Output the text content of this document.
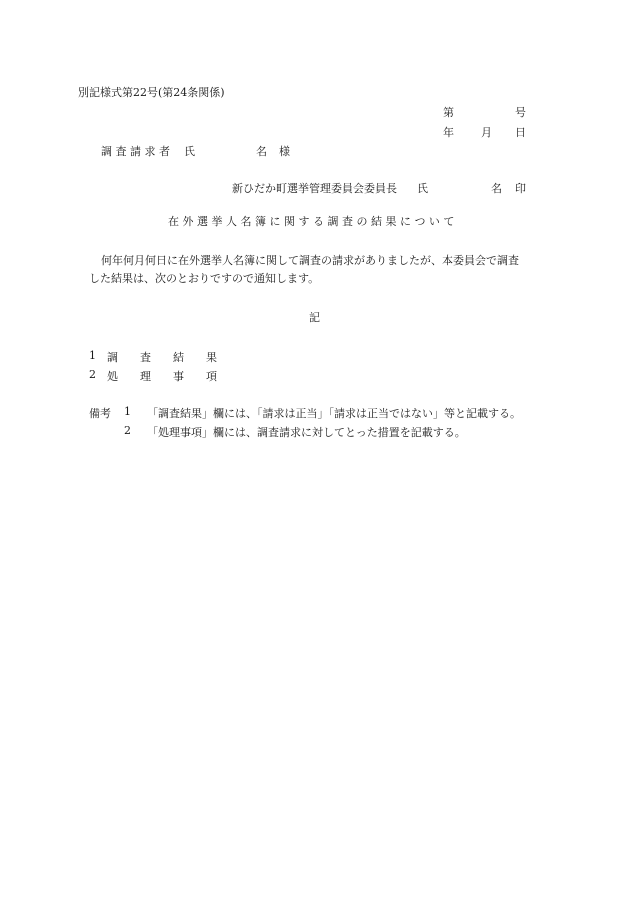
別記様式第22号(第24条関係)
第	号
年 月 日
調 査 請 求 者 氏	名 様
新ひだか町選挙管理委員会委員長 氏	名 印
在 外 選 挙 人 名 簿 に 関 す る 調 査 の 結 果 に つ い て
何年何月何日に在外選挙人名簿に関して調査の請求がありましたが、本委員会で調査
した結果は、次のとおりですので通知します。
記
1 調　　査　　結　　果
2 処　　理　　事　　項
備考 1 「調査結果」欄には、「請求は正当」「請求は正当ではない」等と記載する。
2 「処理事項」欄には、調査請求に対してとった措置を記載する。
